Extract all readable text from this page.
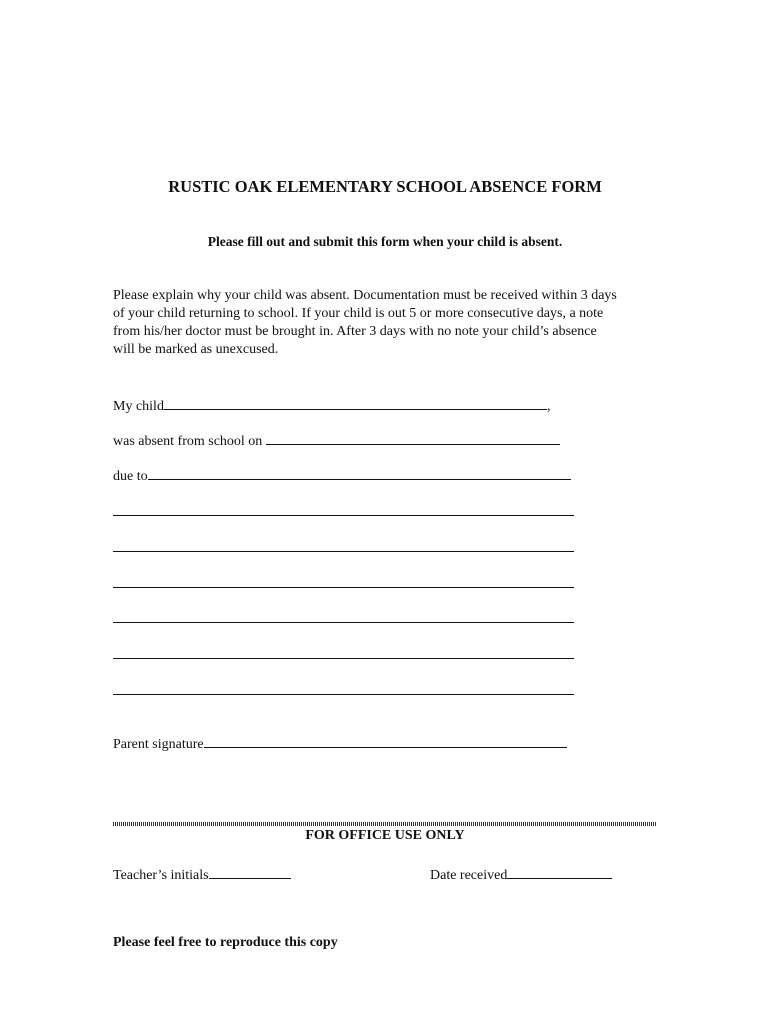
RUSTIC OAK ELEMENTARY SCHOOL ABSENCE FORM
Please fill out and submit this form when your child is absent.
Please explain why your child was absent. Documentation must be received within 3 days
of your child returning to school. If your child is out 5 or more consecutive days, a note
from his/her doctor must be brought in. After 3 days with no note your child’s absence
will be marked as unexcused.
My child	,
was absent from school on
due to
Parent signature
FOR OFFICE USE ONLY
Teacher’s initials	Date received
Please feel free to reproduce this copy
